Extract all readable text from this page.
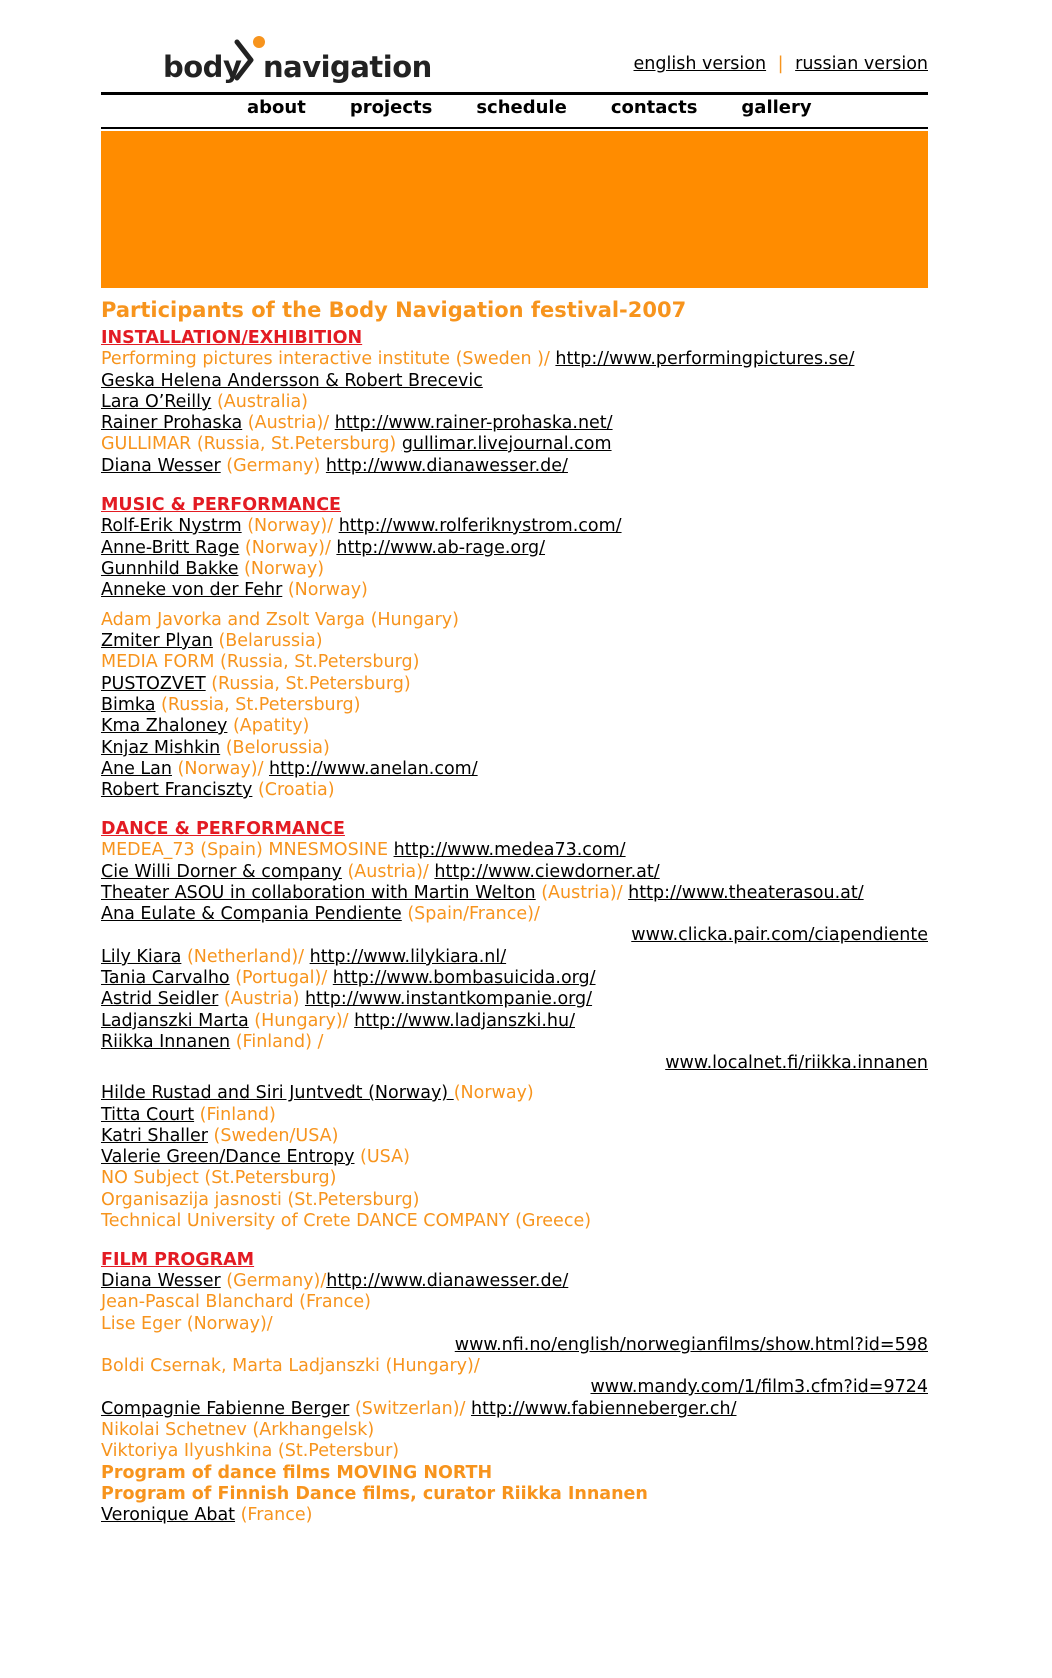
body navigation	english version | russian version
about projects schedule contacts gallery
Participants of the Body Navigation festival-2007
INSTALLATION/EXHIBITION
Performing pictures interactive institute (Sweden )/ http://www.performingpictures.se/
Geska Helena Andersson & Robert Brecevic
Lara O’Reilly (Australia)
Rainer Prohaska (Austria)/ http://www.rainer-prohaska.net/
GULLIMAR (Russia, St.Petersburg) gullimar.livejournal.com
Diana Wesser (Germany) http://www.dianawesser.de/
MUSIC & PERFORMANCE
Rolf-Erik Nystrm (Norway)/ http://www.rolferiknystrom.com/
Anne-Britt Rage (Norway)/ http://www.ab-rage.org/
Gunnhild Bakke (Norway)
Anneke von der Fehr (Norway)
Adam Javorka and Zsolt Varga (Hungary)
Zmiter Plyan (Belarussia)
MEDIA FORM (Russia, St.Petersburg)
PUSTOZVET (Russia, St.Petersburg)
Bimka (Russia, St.Petersburg)
Kma Zhaloney (Apatity)
Knjaz Mishkin (Belorussia)
Ane Lan (Norway)/ http://www.anelan.com/
Robert Franciszty (Croatia)
DANCE & PERFORMANCE
MEDEA_73 (Spain) MNESMOSINE http://www.medea73.com/
Cie Willi Dorner & company (Austria)/ http://www.ciewdorner.at/
Theater ASOU in collaboration with Martin Welton (Austria)/ http://www.theaterasou.at/
Ana Eulate & Compania Pendiente (Spain/France)/
www.clicka.pair.com/ciapendiente
Lily Kiara (Netherland)/ http://www.lilykiara.nl/
Tania Carvalho (Portugal)/ http://www.bombasuicida.org/
Astrid Seidler (Austria) http://www.instantkompanie.org/
Ladjanszki Marta (Hungary)/ http://www.ladjanszki.hu/
Riikka Innanen (Finland) /
www.localnet.fi/riikka.innanen
Hilde Rustad and Siri Juntvedt (Norway) (Norway)
Titta Court (Finland)
Katri Shaller (Sweden/USA)
Valerie Green/Dance Entropy (USA)
NO Subject (St.Petersburg)
Organisazija jasnosti (St.Petersburg)
Technical University of Crete DANCE COMPANY (Greece)
FILM PROGRAM
Diana Wesser (Germany)/http://www.dianawesser.de/
Jean-Pascal Blanchard (France)
Lise Eger (Norway)/
www.nfi.no/english/norwegianfilms/show.html?id=598
Boldi Csernak, Marta Ladjanszki (Hungary)/
www.mandy.com/1/film3.cfm?id=9724
Compagnie Fabienne Berger (Switzerlan)/ http://www.fabienneberger.ch/
Nikolai Schetnev (Arkhangelsk)
Viktoriya Ilyushkina (St.Petersbur)
Program of dance films MOVING NORTH
Program of Finnish Dance films, curator Riikka Innanen
Veronique Abat (France)
